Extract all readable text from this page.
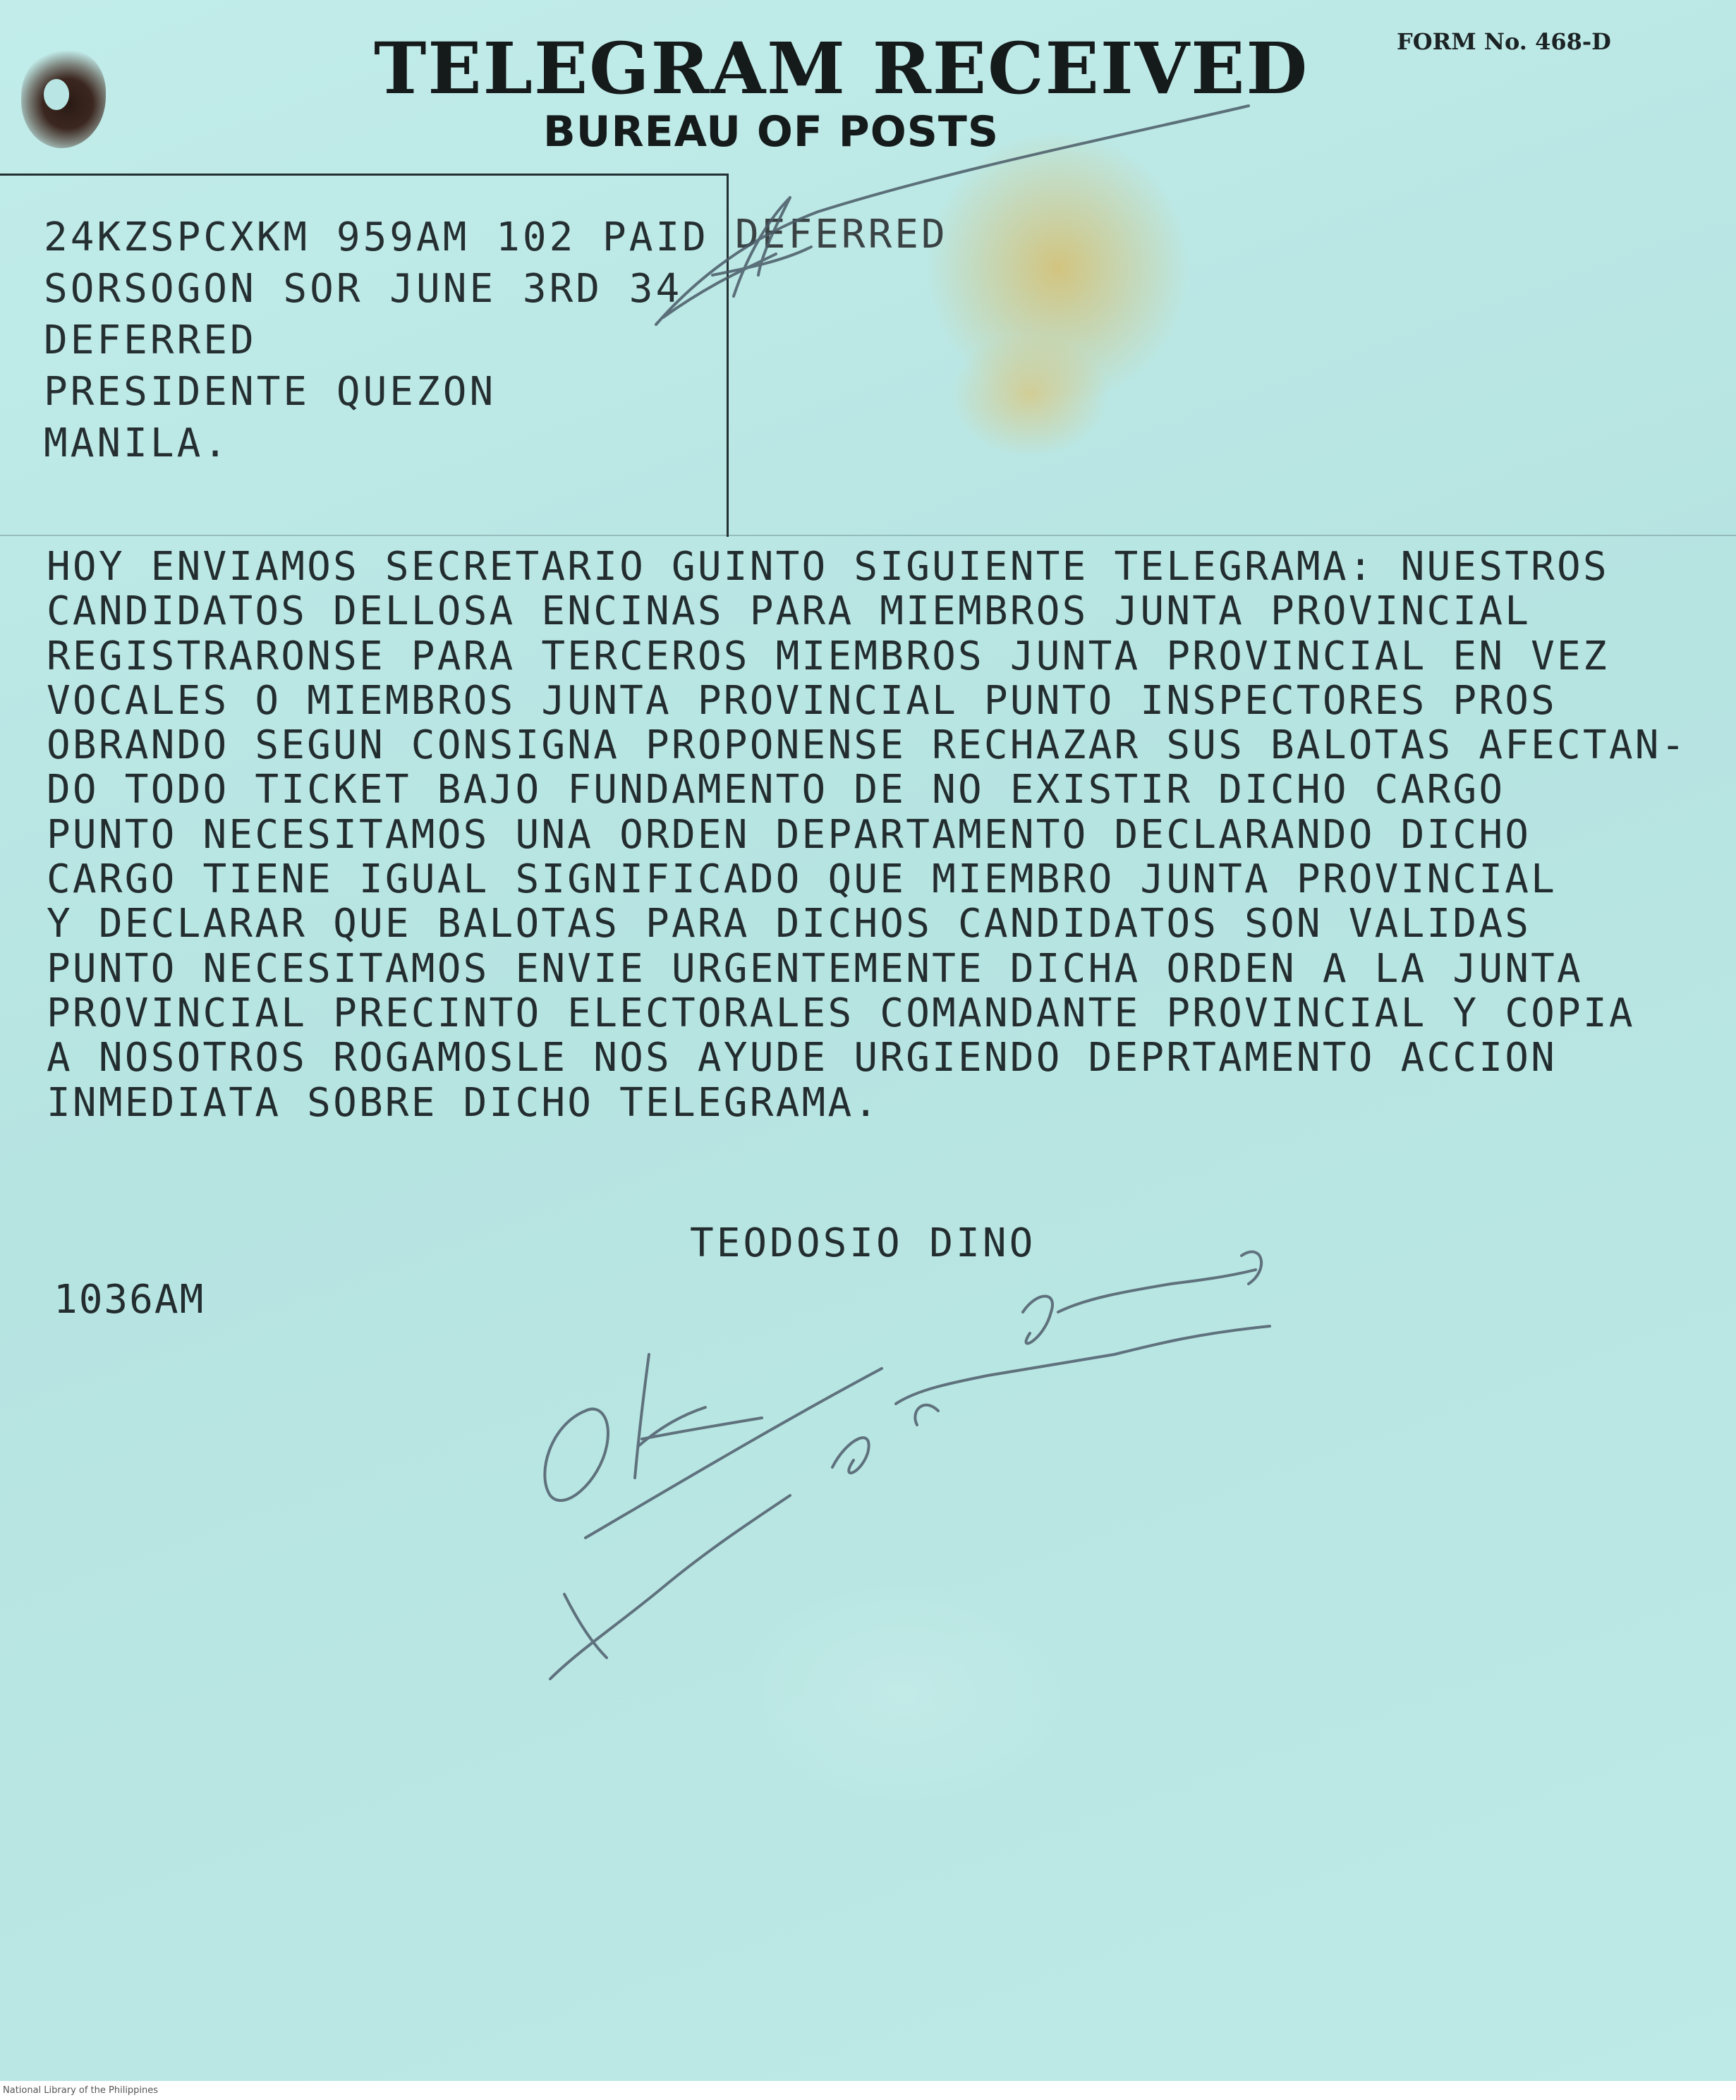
TELEGRAM RECEIVED
BUREAU OF POSTS
FORM No. 468-D
24KZSPCXKM 959AM 102 PAID
SORSOGON SOR JUNE 3RD 34
DEFERRED
PRESIDENTE QUEZON
MANILA.
DEFERRED
HOY ENVIAMOS SECRETARIO GUINTO SIGUIENTE TELEGRAMA: NUESTROS
CANDIDATOS DELLOSA ENCINAS PARA MIEMBROS JUNTA PROVINCIAL
REGISTRARONSE PARA TERCEROS MIEMBROS JUNTA PROVINCIAL EN VEZ
VOCALES O MIEMBROS JUNTA PROVINCIAL PUNTO INSPECTORES PROS
OBRANDO SEGUN CONSIGNA PROPONENSE RECHAZAR SUS BALOTAS AFECTAN-
DO TODO TICKET BAJO FUNDAMENTO DE NO EXISTIR DICHO CARGO
PUNTO NECESITAMOS UNA ORDEN DEPARTAMENTO DECLARANDO DICHO
CARGO TIENE IGUAL SIGNIFICADO QUE MIEMBRO JUNTA PROVINCIAL
Y DECLARAR QUE BALOTAS PARA DICHOS CANDIDATOS SON VALIDAS
PUNTO NECESITAMOS ENVIE URGENTEMENTE DICHA ORDEN A LA JUNTA
PROVINCIAL PRECINTO ELECTORALES COMANDANTE PROVINCIAL Y COPIA
A NOSOTROS ROGAMOSLE NOS AYUDE URGIENDO DEPRTAMENTO ACCION
INMEDIATA SOBRE DICHO TELEGRAMA.
TEODOSIO DINO
1036AM
National Library of the Philippines
